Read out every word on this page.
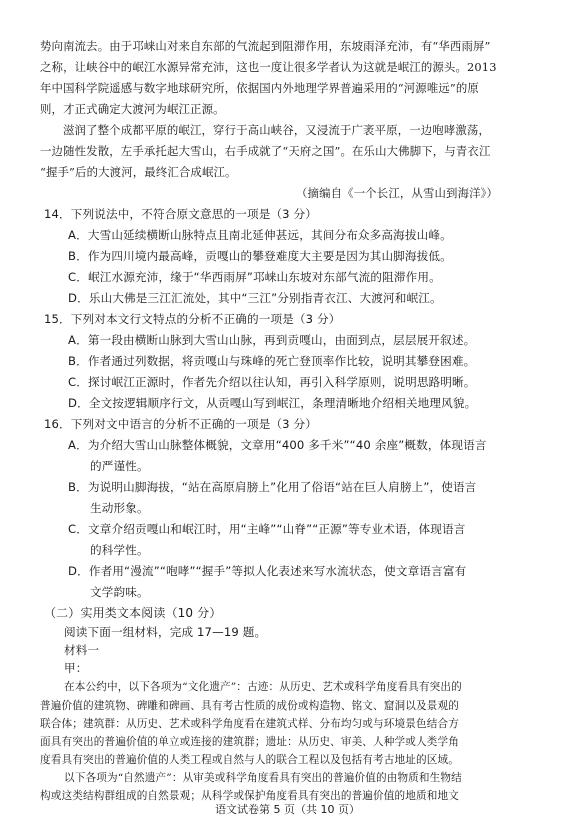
势向南流去。由于邛崃山对来自东部的气流起到阻滞作用，东坡雨泽充沛，有“华西雨屏”
之称，让峡谷中的岷江水源异常充沛，这也一度让很多学者认为这就是岷江的源头。2013
年中国科学院遥感与数字地球研究所，依据国内外地理学界普遍采用的“河源唯远”的原
则，才正式确定大渡河为岷江正源。
滋润了整个成都平原的岷江，穿行于高山峡谷，又浸流于广袤平原，一边咆哮激荡，
一边随性发散，左手承托起大雪山，右手成就了“天府之国”。在乐山大佛脚下，与青衣江
“握手”后的大渡河，最终汇合成岷江。
（摘编自《一个长江，从雪山到海洋》）
14．下列说法中，不符合原文意思的一项是（3 分）
A．大雪山延续横断山脉特点且南北延伸甚远，其间分布众多高海拔山峰。
B．作为四川境内最高峰，贡嘎山的攀登难度大主要是因为其山脚海拔低。
C．岷江水源充沛，缘于“华西雨屏”邛崃山东坡对东部气流的阻滞作用。
D．乐山大佛是三江汇流处，其中“三江”分别指青衣江、大渡河和岷江。
15．下列对本文行文特点的分析不正确的一项是（3 分）
A．第一段由横断山脉到大雪山山脉，再到贡嘎山，由面到点，层层展开叙述。
B．作者通过列数据，将贡嘎山与珠峰的死亡登顶率作比较，说明其攀登困难。
C．探讨岷江正源时，作者先介绍以往认知，再引入科学原则，说明思路明晰。
D．全文按逻辑顺序行文，从贡嘎山写到岷江，条理清晰地介绍相关地理风貌。
16．下列对文中语言的分析不正确的一项是（3 分）
A．为介绍大雪山山脉整体概貌，文章用“400 多千米”“40 余座”概数，体现语言
的严谨性。
B．为说明山脚海拔，“站在高原肩膀上”化用了俗语“站在巨人肩膀上”，使语言
生动形象。
C．文章介绍贡嘎山和岷江时，用“主峰”“山脊”“正源”等专业术语，体现语言
的科学性。
D．作者用“漫流”“咆哮”“握手”等拟人化表述来写水流状态，使文章语言富有
文学韵味。
（二）实用类文本阅读（10 分）
阅读下面一组材料，完成 17—19 题。
材料一
甲：
在本公约中，以下各项为“文化遗产”：古迹：从历史、艺术或科学角度看具有突出的
普遍价值的建筑物、碑雕和碑画、具有考古性质的成份或构造物、铭文、窟洞以及景观的
联合体；建筑群：从历史、艺术或科学角度看在建筑式样、分布均匀或与环境景色结合方
面具有突出的普遍价值的单立或连接的建筑群；遗址：从历史、审美、人种学或人类学角
度看具有突出的普遍价值的人类工程或自然与人的联合工程以及包括有考古地址的区域。
以下各项为“自然遗产”：从审美或科学角度看具有突出的普遍价值的由物质和生物结
构或这类结构群组成的自然景观；从科学或保护角度看具有突出的普遍价值的地质和地文
语文试卷第 5 页（共 10 页）
